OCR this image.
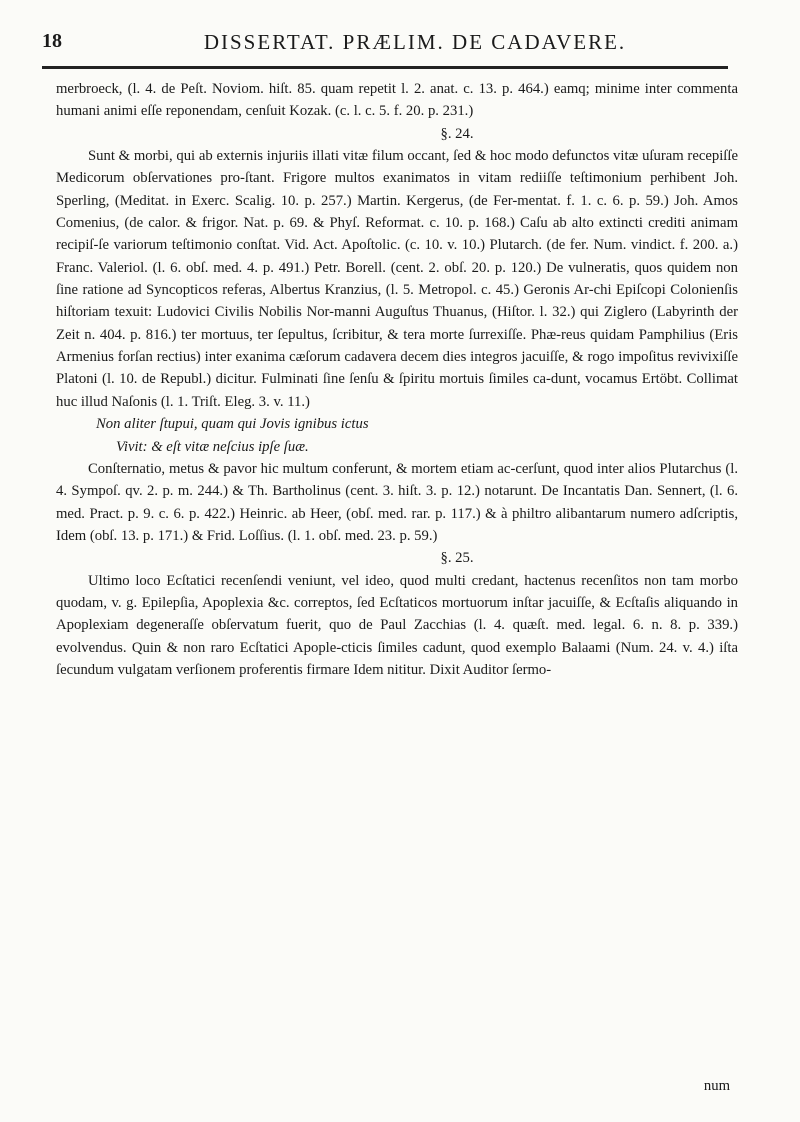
18	DISSERTAT. PRÆLIM. DE CADAVERE.

merbroeck, (l. 4. de Peſt. Noviom. hiſt. 85. quam repetit l. 2. anat. c. 13. p. 464.) eamq; minime inter commenta humani animi eſſe reponendam, cenſuit Kozak. (c. l. c. 5. f. 20. p. 231.)

§. 24.

Sunt & morbi, qui ab externis injuriis illati vitæ filum occant, ſed & hoc modo defunctos vitæ uſuram recepiſſe Medicorum obſervationes pro-ſtant. Frigore multos exanimatos in vitam rediiſſe teſtimonium perhibent Joh. Sperling, (Meditat. in Exerc. Scalig. 10. p. 257.) Martin. Kergerus, (de Fer-mentat. f. 1. c. 6. p. 59.) Joh. Amos Comenius, (de calor. & frigor. Nat. p. 69. & Phyſ. Reformat. c. 10. p. 168.) Caſu ab alto extincti crediti animam recipiſ-ſe variorum teſtimonio conſtat. Vid. Act. Apoſtolic. (c. 10. v. 10.) Plutarch. (de fer. Num. vindict. f. 200. a.) Franc. Valeriol. (l. 6. obſ. med. 4. p. 491.) Petr. Borell. (cent. 2. obſ. 20. p. 120.) De vulneratis, quos quidem non ſine ratione ad Syncopticos referas, Albertus Kranzius, (l. 5. Metropol. c. 45.) Geronis Ar-chi Epiſcopi Colonienſis hiſtoriam texuit: Ludovici Civilis Nobilis Nor-manni Auguſtus Thuanus, (Hiſtor. l. 32.) qui Ziglero (Labyrinth der Zeit n. 404. p. 816.) ter mortuus, ter ſepultus, ſcribitur, & tera morte ſurrexiſſe. Phæ-reus quidam Pamphilius (Eris Armenius forſan rectius) inter exanima cæſorum cadavera decem dies integros jacuiſſe, & rogo impoſitus revivixiſſe Platoni (l. 10. de Republ.) dicitur. Fulminati ſine ſenſu & ſpiritu mortuis ſimiles ca-dunt, vocamus Ertöbt. Collimat huc illud Naſonis (l. 1. Triſt. Eleg. 3. v. 11.)

Non aliter ſtupui, quam qui Jovis ignibus ictus

Vivit: & eſt vitæ neſcius ipſe ſuæ.

Conſternatio, metus & pavor hic multum conferunt, & mortem etiam ac-cerſunt, quod inter alios Plutarchus (l. 4. Sympoſ. qv. 2. p. m. 244.) & Th. Bartholinus (cent. 3. hiſt. 3. p. 12.) notarunt. De Incantatis Dan. Sennert, (l. 6. med. Pract. p. 9. c. 6. p. 422.) Heinric. ab Heer, (obſ. med. rar. p. 117.) & à philtro alibantarum numero adſcriptis, Idem (obſ. 13. p. 171.) & Frid. Loſſius. (l. 1. obſ. med. 23. p. 59.)

§. 25.

Ultimo loco Ecſtatici recenſendi veniunt, vel ideo, quod multi credant, hactenus recenſitos non tam morbo quodam, v. g. Epilepſia, Apoplexia &c. correptos, ſed Ecſtaticos mortuorum inſtar jacuiſſe, & Ecſtaſis aliquando in Apoplexiam degeneraſſe obſervatum fuerit, quo de Paul Zacchias (l. 4. quæſt. med. legal. 6. n. 8. p. 339.) evolvendus. Quin & non raro Ecſtatici Apople-cticis ſimiles cadunt, quod exemplo Balaami (Num. 24. v. 4.) iſta ſecundum vulgatam verſionem proferentis firmare Idem nititur. Dixit Auditor ſermo-

num
